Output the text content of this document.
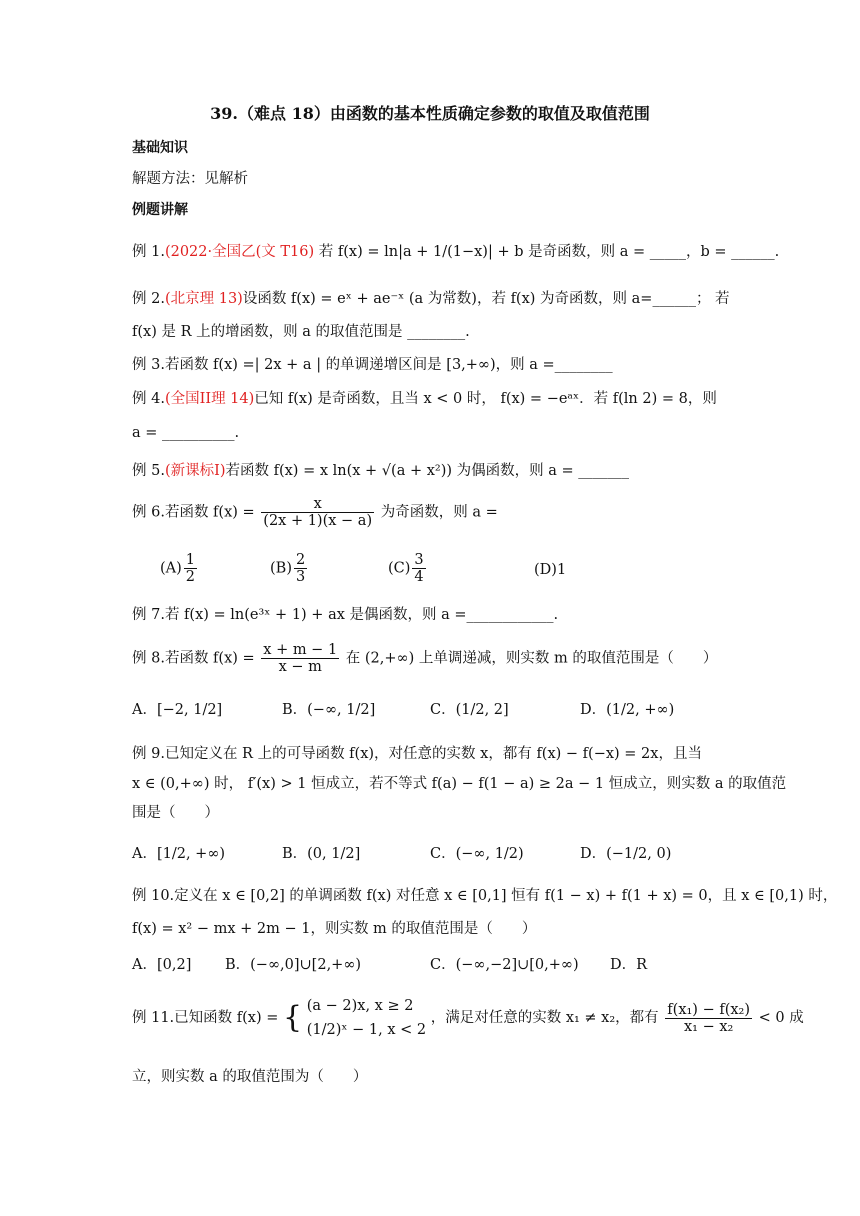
39.（难点 18）由函数的基本性质确定参数的取值及取值范围
基础知识
解题方法：见解析
例题讲解
例 1.(2022·全国乙(文 T16) 若 f(x) = ln|a + 1/(1−x)| + b 是奇函数，则 a = _____，b = ______.
例 2.(北京理 13)设函数 f(x) = eˣ + ae⁻ˣ (a 为常数)，若 f(x) 为奇函数，则 a=______； 若
f(x) 是 R 上的增函数，则 a 的取值范围是 ________.
例 3.若函数 f(x) =| 2x + a | 的单调递增区间是 [3,+∞)，则 a =________
例 4.(全国II理 14)已知 f(x) 是奇函数，且当 x < 0 时， f(x) = −eᵃˣ．若 f(ln 2) = 8，则
a = __________.
例 5.(新课标I)若函数 f(x) = x ln(x + √(a + x²)) 为偶函数，则 a = _______
例 6.若函数 $f(x) = \frac{x}{(2x + 1)(x - a)}$ 为奇函数，则 a =
$(A) \frac{1}{2}$	$(B) \frac{2}{3}$	$(C) \frac{3}{4}$	(D)1
例 7.若 f(x) = ln(e³ˣ + 1) + ax 是偶函数，则 a =____________.
例 8.若函数 $f(x) = \frac{x + m - 1}{x - m}$ 在 (2,+∞) 上单调递减，则实数 m 的取值范围是（　　）
A．[−2, 1/2]	B．(−∞, 1/2]	C．(1/2, 2]	D．(1/2, +∞)
例 9.已知定义在 R 上的可导函数 f(x)，对任意的实数 x，都有 f(x) − f(−x) = 2x，且当
x ∈ (0,+∞) 时， f′(x) > 1 恒成立，若不等式 f(a) − f(1 − a) ≥ 2a − 1 恒成立，则实数 a 的取值范
围是（　　）
A．[1/2, +∞)	B．(0, 1/2]	C．(−∞, 1/2)	D．(−1/2, 0)
例 10.定义在 x ∈ [0,2] 的单调函数 f(x) 对任意 x ∈ [0,1] 恒有 f(1 − x) + f(1 + x) = 0，且 x ∈ [0,1) 时，
f(x) = x² − mx + 2m − 1，则实数 m 的取值范围是（　　）
A．[0,2] B．(−∞,0]∪[2,+∞)	C．(−∞,−2]∪[0,+∞) D．R
例 11.已知函数 f(x) = { (a − 2)x, x ≥ 2
(1/2)ˣ − 1, x < 2
，满足对任意的实数 x₁ ≠ x₂，都有 $\frac{\text{f(x₁) − f(x₂)}}{\text{x₁ − x₂}} < 0$ 成
立，则实数 a 的取值范围为（　　）
